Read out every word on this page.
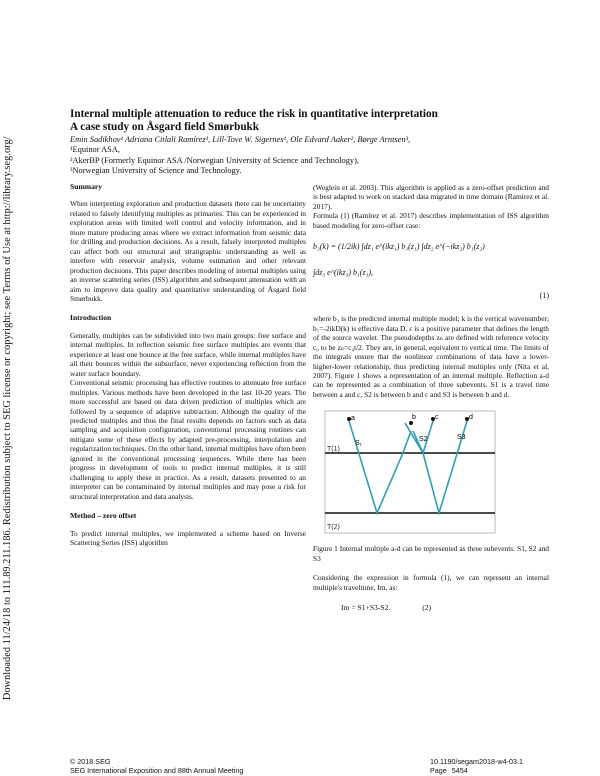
Downloaded 11/24/18 to 111.89.211.186. Redistribution subject to SEG license or copyright; see Terms of Use at http://library.seg.org/
Internal multiple attenuation to reduce the risk in quantitative interpretation
A case study on Åsgard field Smørbukk
Emin Sadikhov¹ Adriana Citlali Ramírez¹, Lill-Tove W. Sigernes¹, Ole Edvard Aaker², Børge Arntsen³,
¹Equinor ASA,
²AkerBP (Formerly Equinor ASA /Norwegian University of Science and Technology),
³Norwegian University of Science and Technology.
Summary

When interpreting exploration and production datasets there can be uncertainty related to falsely identifying multiples as primaries. This can be experienced in exploration areas with limited well control and velocity information, and in more mature producing areas where we extract information from seismic data for drilling and production decisions. As a result, falsely interpreted multiples can affect both our structural and stratigraphic understanding as well as interfere with reservoir analysis, volume estimation and other relevant production decisions. This paper describes modeling of internal multiples using an inverse scattering series (ISS) algorithm and subsequent attenuation with an aim to improve data quality and quantitative understanding of Åsgard field Smørbukk.

Introduction

Generally, multiples can be subdivided into two main groups: free surface and internal multiples. In reflection seismic free surface multiples are events that experience at least one bounce at the free surface, while internal multiples have all their bounces within the subsurface, never experiencing reflection from the water surface boundary.

Conventional seismic processing has effective routines to attenuate free surface multiples. Various methods have been developed in the last 10-20 years. The more successful are based on data driven prediction of multiples which are followed by a sequence of adaptive subtraction. Although the quality of the predicted multiples and thus the final results depends on factors such as data sampling and acquisition configuration, conventional processing routines can mitigate some of these effects by adapted pre-processing, interpolation and regularization techniques. On the other hand, internal multiples have often been ignored in the conventional processing sequences. While there has been progress in development of tools to predict internal multiples, it is still challenging to apply these in practice. As a result, datasets presented to an interpreter can be contaminated by internal multiples and may pose a risk for structural interpretation and data analysis.

Method – zero offset

To predict internal multiples, we implemented a scheme based on Inverse Scattering Series (ISS) algorithm

(Weglein et al. 2003). This algorithm is applied as a zero-offset prediction and is best adapted to work on stacked data migrated in time domain (Ramírez et al. 2017).

Formula (1) (Ramírez et al. 2017) describes implementation of ISS algorithm based modeling for zero-offset case:

b₃(k) = (1/2ik) ∫dz₁ e^(ikz₁) b₁(z₁) ∫dz₂ e^(−ikz₂) b₁(z₂)
∫dz₃ e^(ikz₃) b₁(z₃),
(1)

where b₃ is the predicted internal multiple model; k is the vertical wavenumber; b₁=-2ikD(k) is effective data D. ε is a positive parameter that defines the length of the source wavelet. The pseudodepths zₙ are defined with reference velocity c₀ to be zₙ=c₀t/2. They are, in general, equivalent to vertical time. The limits of the integrals ensure that the nonlinear combinations of data have a lower-higher-lower relationship, thus predicting internal multiples only (Nita et al, 2007). Figure 1 shows a representation of an internal multiple. Reflection a-d can be represented as a combination of three subevents. S1 is a travel time between a and c, S2 is between b and c and S3 is between b and d.

T(1)
T(2)
a	b	c	d
S₁
S2	S3
Figure 1 Internal multiple a-d can be represented as three subevents: S1, S2 and S3

Considering the expression in formula (1), we can represent an internal multiple's traveltime, Im, as:

Im = S1+S3-S2.	(2)
© 2018 SEG
SEG International Exposition and 88th Annual Meeting
10.1190/segam2018-w4-03.1
Page 5454
